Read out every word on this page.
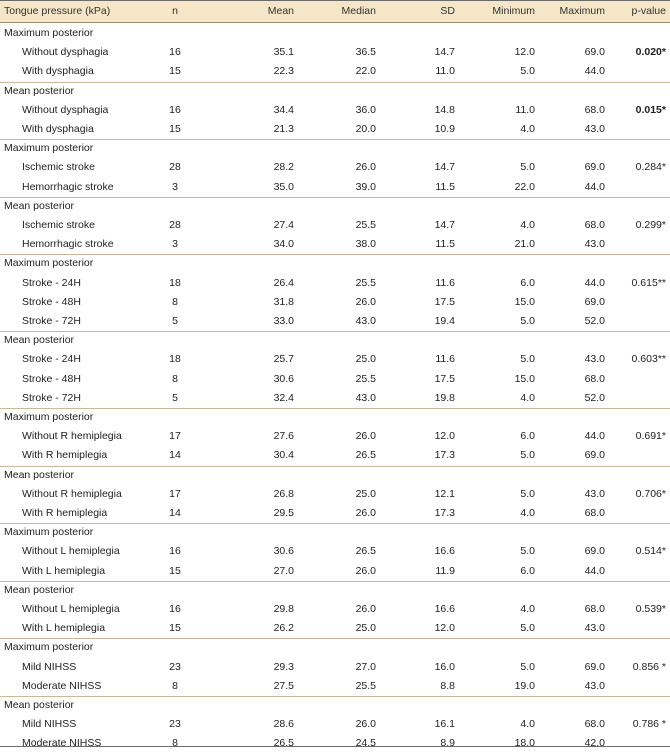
Tongue pressure (kPa)	n	Mean	Median	SD	Minimum	Maximum	p-value
Maximum posterior
Without dysphagia	16	35.1	36.5	14.7	12.0	69.0	0.020*
With dysphagia	15	22.3	22.0	11.0	5.0	44.0
Mean posterior
Without dysphagia	16	34.4	36.0	14.8	11.0	68.0	0.015*
With dysphagia	15	21.3	20.0	10.9	4.0	43.0
Maximum posterior
Ischemic stroke	28	28.2	26.0	14.7	5.0	69.0	0.284*
Hemorrhagic stroke	3	35.0	39.0	11.5	22.0	44.0
Mean posterior
Ischemic stroke	28	27.4	25.5	14.7	4.0	68.0	0.299*
Hemorrhagic stroke	3	34.0	38.0	11.5	21.0	43.0
Maximum posterior
Stroke - 24H	18	26.4	25.5	11.6	6.0	44.0	0.615**
Stroke - 48H	8	31.8	26.0	17.5	15.0	69.0
Stroke - 72H	5	33.0	43.0	19.4	5.0	52.0
Mean posterior
Stroke - 24H	18	25.7	25.0	11.6	5.0	43.0	0.603**
Stroke - 48H	8	30.6	25.5	17.5	15.0	68.0
Stroke - 72H	5	32.4	43.0	19.8	4.0	52.0
Maximum posterior
Without R hemiplegia	17	27.6	26.0	12.0	6.0	44.0	0.691*
With R hemiplegia	14	30.4	26.5	17.3	5.0	69.0
Mean posterior
Without R hemiplegia	17	26.8	25.0	12.1	5.0	43.0	0.706*
With R hemiplegia	14	29.5	26.0	17.3	4.0	68.0
Maximum posterior
Without L hemiplegia	16	30.6	26.5	16.6	5.0	69.0	0.514*
With L hemiplegia	15	27.0	26.0	11.9	6.0	44.0
Mean posterior
Without L hemiplegia	16	29.8	26.0	16.6	4.0	68.0	0.539*
With L hemiplegia	15	26.2	25.0	12.0	5.0	43.0
Maximum posterior
Mild NIHSS	23	29.3	27.0	16.0	5.0	69.0	0.856 *
Moderate NIHSS	8	27.5	25.5	8.8	19.0	43.0
Mean posterior
Mild NIHSS	23	28.6	26.0	16.1	4.0	68.0	0.786 *
Moderate NIHSS	8	26.5	24.5	8.9	18.0	42.0
